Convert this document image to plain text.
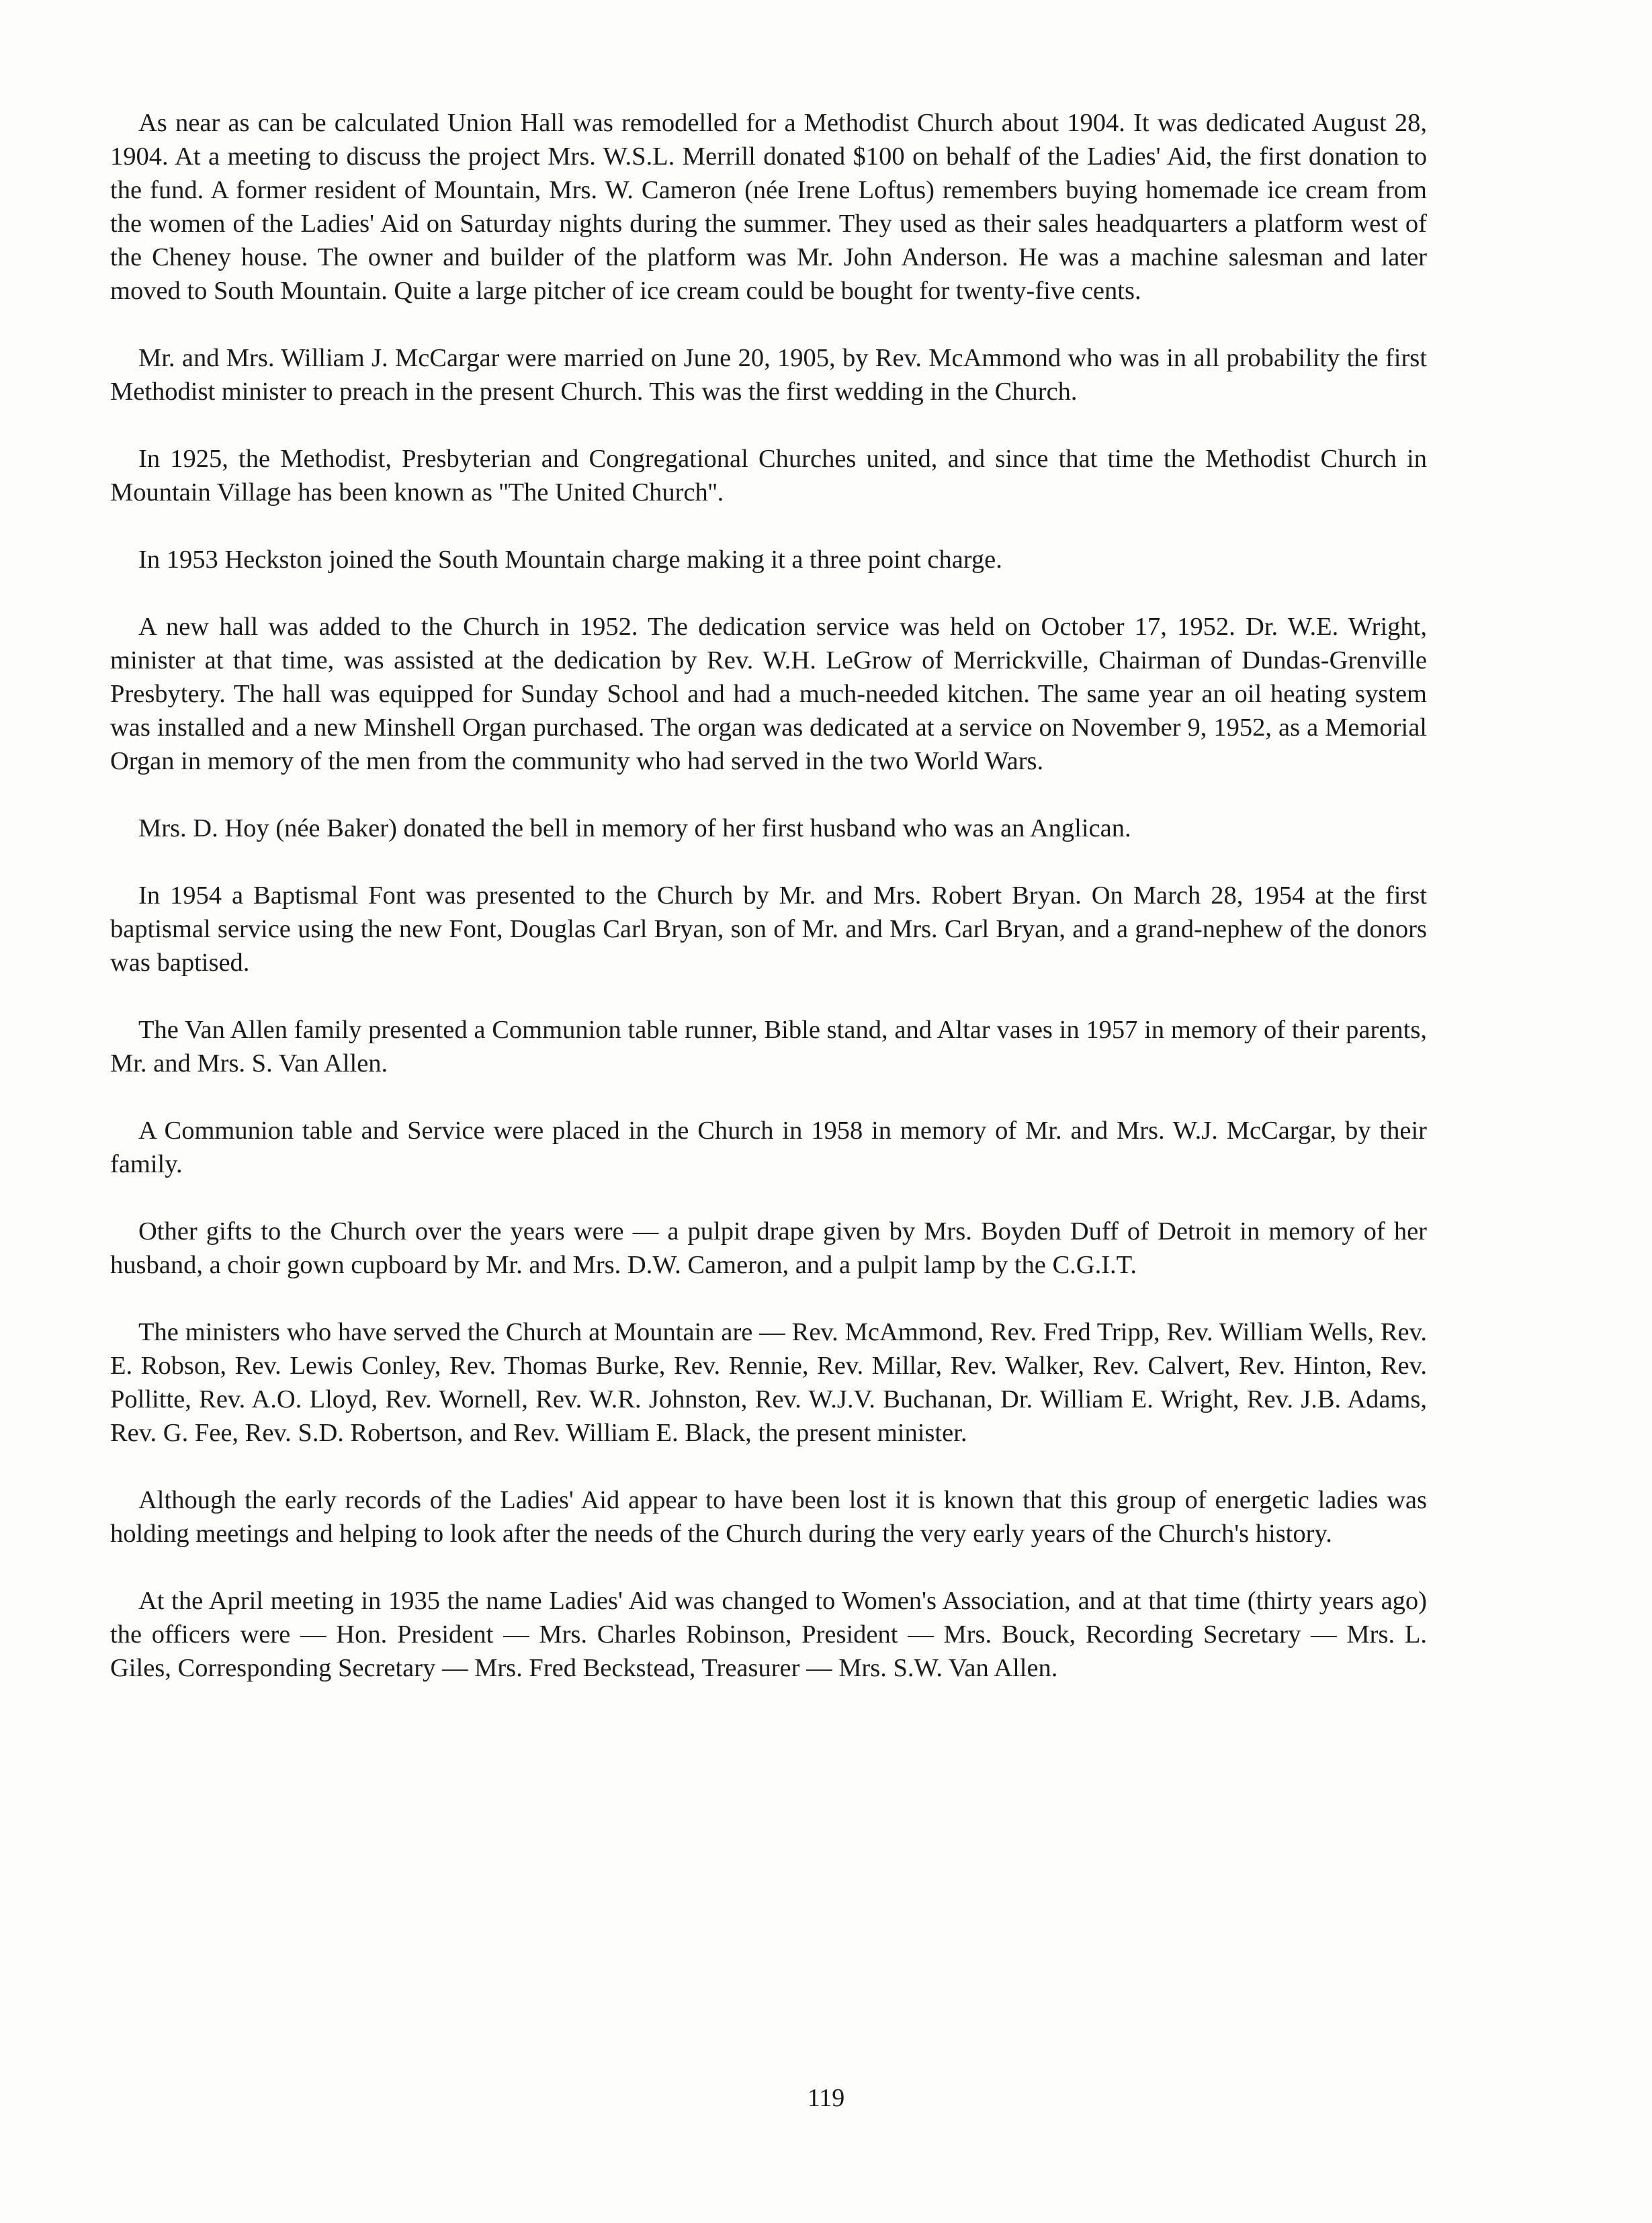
As near as can be calculated Union Hall was remodelled for a Methodist Church about 1904. It was dedicated August 28, 1904. At a meeting to discuss the project Mrs. W.S.L. Merrill donated $100 on behalf of the Ladies' Aid, the first donation to the fund. A former resident of Mountain, Mrs. W. Cameron (née Irene Loftus) remembers buying homemade ice cream from the women of the Ladies' Aid on Saturday nights during the summer. They used as their sales headquarters a platform west of the Cheney house. The owner and builder of the platform was Mr. John Anderson. He was a machine salesman and later moved to South Mountain. Quite a large pitcher of ice cream could be bought for twenty-five cents.

Mr. and Mrs. William J. McCargar were married on June 20, 1905, by Rev. McAmmond who was in all probability the first Methodist minister to preach in the present Church. This was the first wedding in the Church.

In 1925, the Methodist, Presbyterian and Congregational Churches united, and since that time the Methodist Church in Mountain Village has been known as ''The United Church''.

In 1953 Heckston joined the South Mountain charge making it a three point charge.

A new hall was added to the Church in 1952. The dedication service was held on October 17, 1952. Dr. W.E. Wright, minister at that time, was assisted at the dedication by Rev. W.H. LeGrow of Merrickville, Chairman of Dundas-Grenville Presbytery. The hall was equipped for Sunday School and had a much-needed kitchen. The same year an oil heating system was installed and a new Minshell Organ purchased. The organ was dedicated at a service on November 9, 1952, as a Memorial Organ in memory of the men from the community who had served in the two World Wars.

Mrs. D. Hoy (née Baker) donated the bell in memory of her first husband who was an Anglican.

In 1954 a Baptismal Font was presented to the Church by Mr. and Mrs. Robert Bryan. On March 28, 1954 at the first baptismal service using the new Font, Douglas Carl Bryan, son of Mr. and Mrs. Carl Bryan, and a grand-nephew of the donors was baptised.

The Van Allen family presented a Communion table runner, Bible stand, and Altar vases in 1957 in memory of their parents, Mr. and Mrs. S. Van Allen.

A Communion table and Service were placed in the Church in 1958 in memory of Mr. and Mrs. W.J. McCargar, by their family.

Other gifts to the Church over the years were — a pulpit drape given by Mrs. Boyden Duff of Detroit in memory of her husband, a choir gown cupboard by Mr. and Mrs. D.W. Cameron, and a pulpit lamp by the C.G.I.T.

The ministers who have served the Church at Mountain are — Rev. McAmmond, Rev. Fred Tripp, Rev. William Wells, Rev. E. Robson, Rev. Lewis Conley, Rev. Thomas Burke, Rev. Rennie, Rev. Millar, Rev. Walker, Rev. Calvert, Rev. Hinton, Rev. Pollitte, Rev. A.O. Lloyd, Rev. Wornell, Rev. W.R. Johnston, Rev. W.J.V. Buchanan, Dr. William E. Wright, Rev. J.B. Adams, Rev. G. Fee, Rev. S.D. Robertson, and Rev. William E. Black, the present minister.

Although the early records of the Ladies' Aid appear to have been lost it is known that this group of energetic ladies was holding meetings and helping to look after the needs of the Church during the very early years of the Church's history.

At the April meeting in 1935 the name Ladies' Aid was changed to Women's Association, and at that time (thirty years ago) the officers were — Hon. President — Mrs. Charles Robinson, President — Mrs. Bouck, Recording Secretary — Mrs. L. Giles, Corresponding Secretary — Mrs. Fred Beckstead, Treasurer — Mrs. S.W. Van Allen.

119
